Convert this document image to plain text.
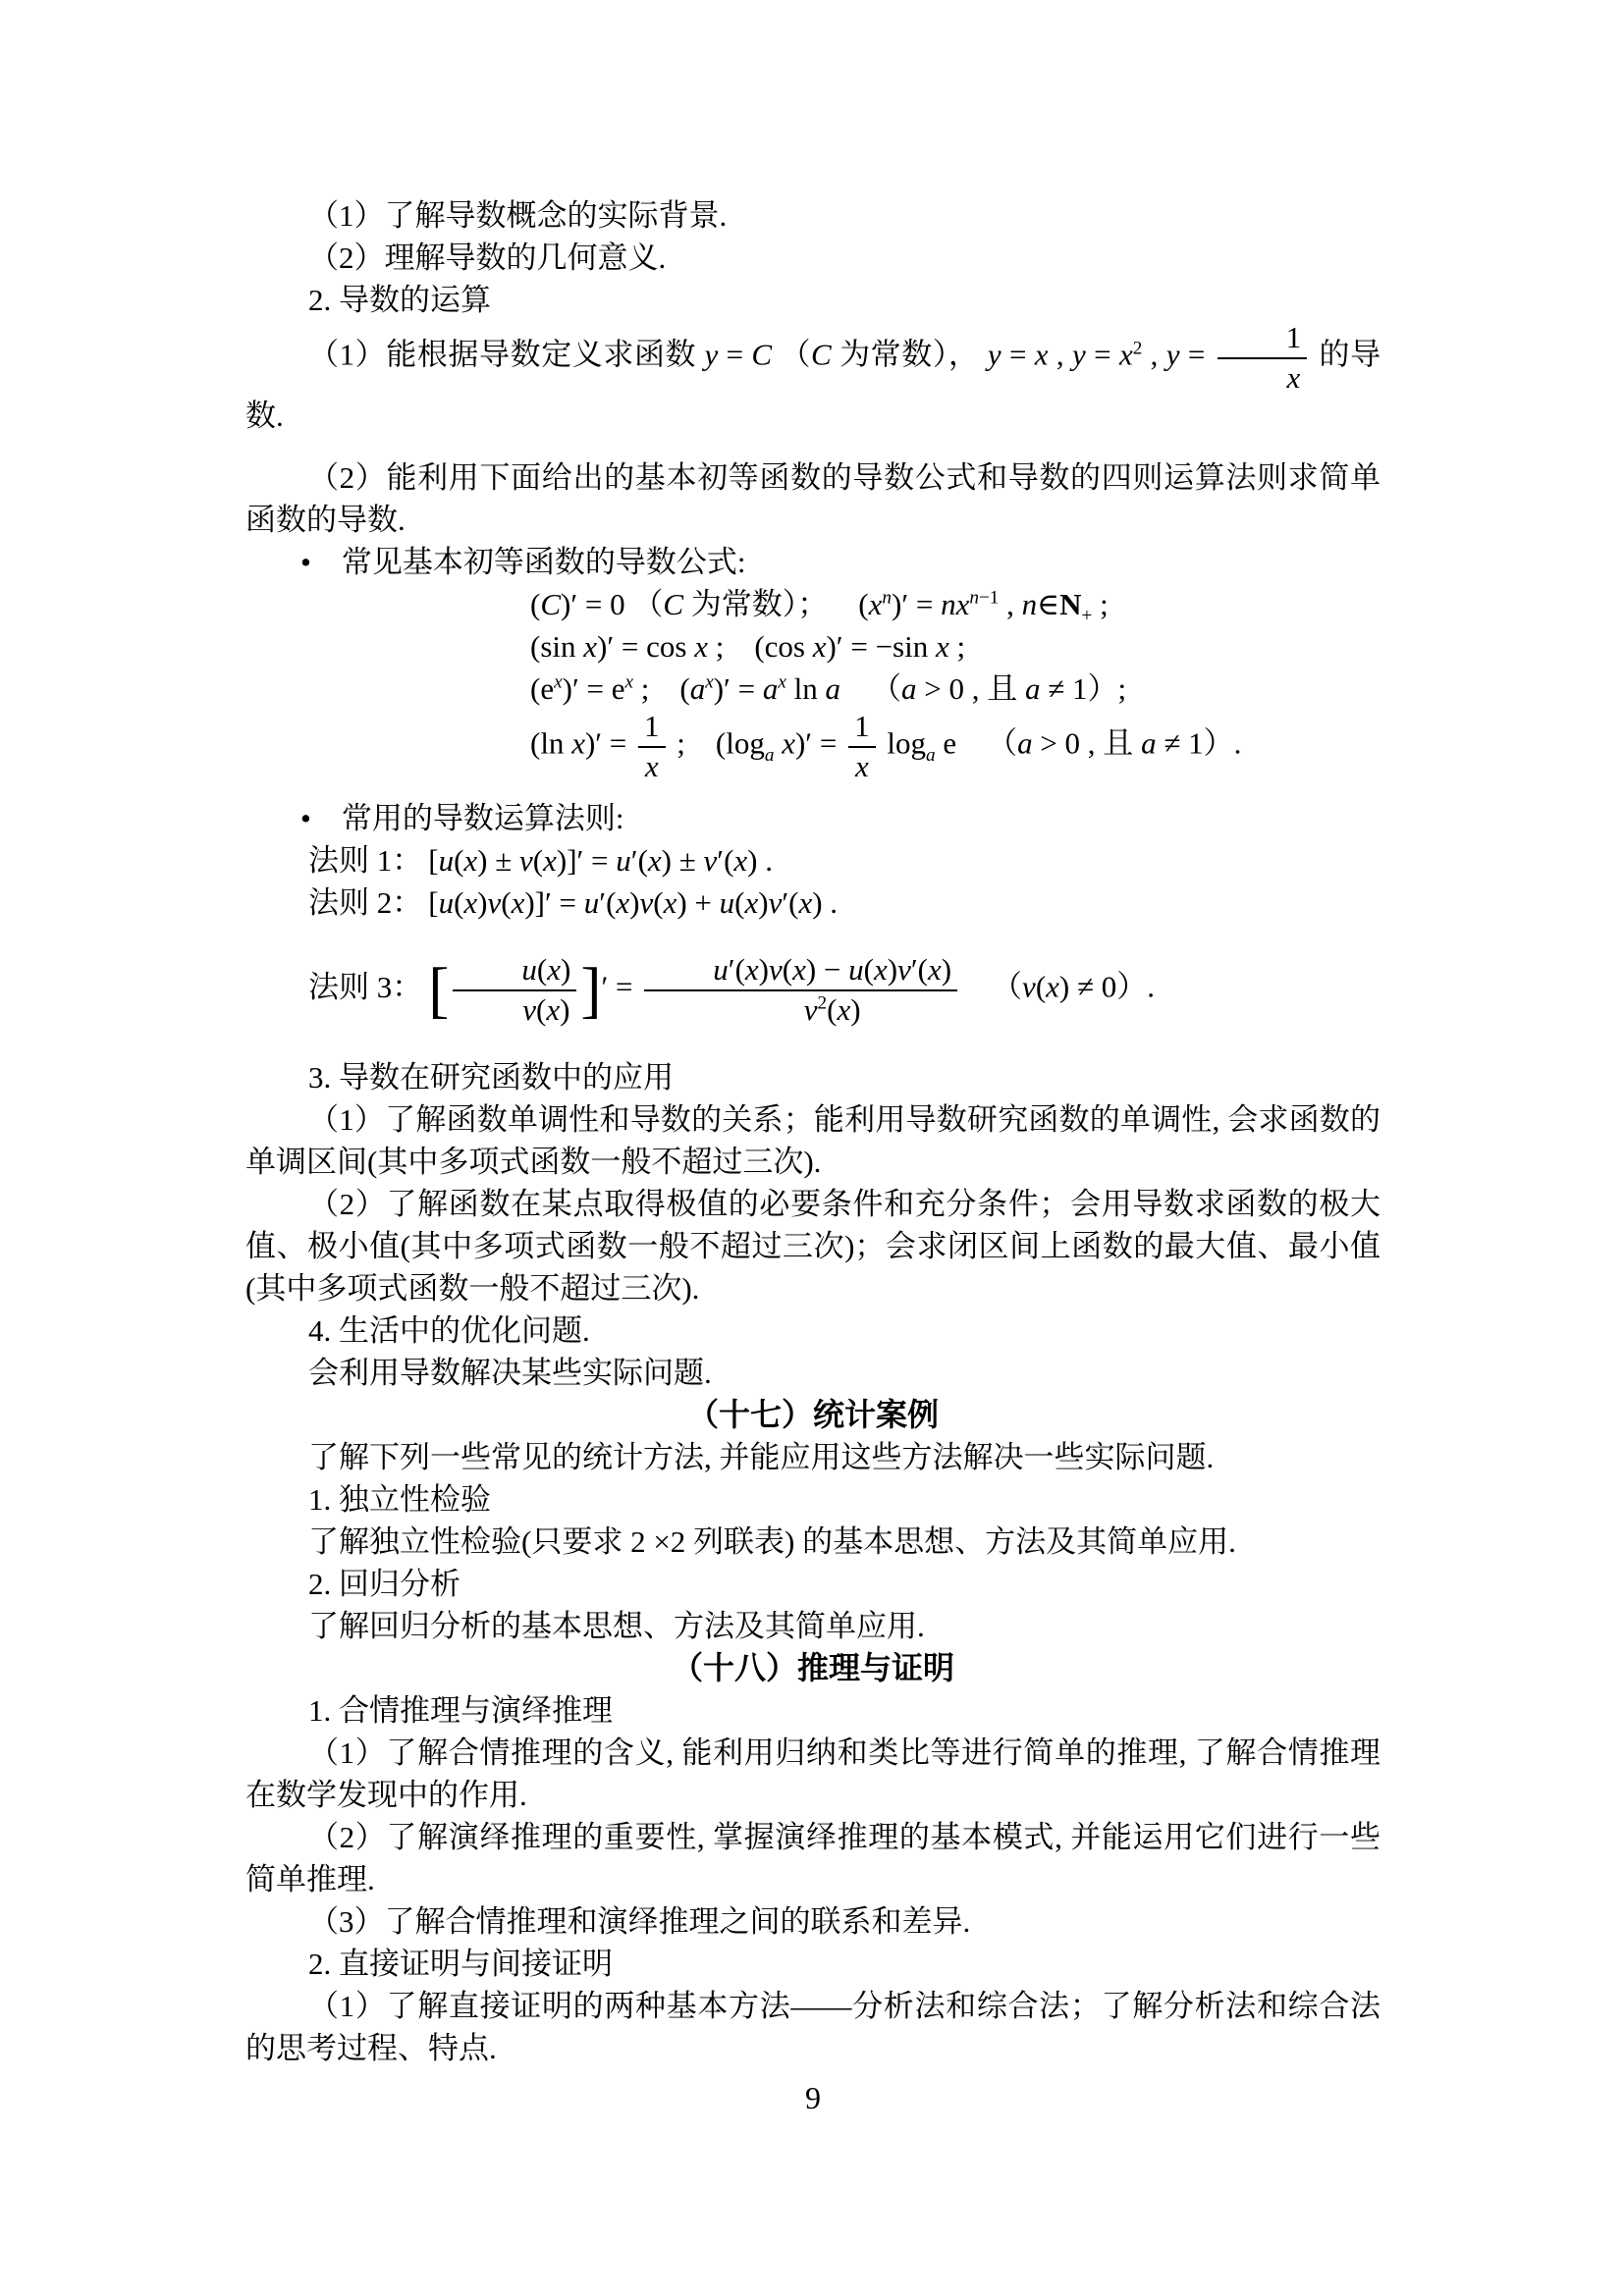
（1）了解导数概念的实际背景.
（2）理解导数的几何意义.
2. 导数的运算
（1）能根据导数定义求函数 y = C （C 为常数）， y = x , $y = x^2$ , $y = \frac{1}{x}$ 的导数.
（2）能利用下面给出的基本初等函数的导数公式和导数的四则运算法则求简单函数的导数.
• 常见基本初等函数的导数公式:
(C)′ = 0 （C 为常数）； $(x^n)' = nx^{n-1}$ , $n\in N_+$ ;
(sin x)′ = cos x ; (cos x)′ = −sin x ;
$(e^x)' = e^x$ ; $(a^x)' = a^x$ ln a （a > 0 , 且 a ≠ 1）;
(ln $x)' = \frac{1}{x}$ ; ($\log_a$ $x)' = \frac{1}{x} \log_a e$ （a > 0 , 且 a ≠ 1）.
• 常用的导数运算法则:
法则 1： [u(x) ± v(x)]′ = u′(x) ± v′(x) .
法则 2： [u(x)v(x)]′ = u′(x)v(x) + u(x)v′(x) .
法则 3：[ $\frac{u(x)}{v(x)}$ ]′ = $\frac{u'(x)v(x) - u(x)v'(x)}{v^2(x)}$  （v(x) ≠ 0）.
3. 导数在研究函数中的应用
（1）了解函数单调性和导数的关系；能利用导数研究函数的单调性, 会求函数的单调区间(其中多项式函数一般不超过三次).
（2）了解函数在某点取得极值的必要条件和充分条件；会用导数求函数的极大值、极小值(其中多项式函数一般不超过三次)；会求闭区间上函数的最大值、最小值(其中多项式函数一般不超过三次).
4. 生活中的优化问题.
会利用导数解决某些实际问题.
（十七）统计案例
了解下列一些常见的统计方法, 并能应用这些方法解决一些实际问题.
1. 独立性检验
了解独立性检验(只要求 2 ×2 列联表) 的基本思想、方法及其简单应用.
2. 回归分析
了解回归分析的基本思想、方法及其简单应用.
（十八）推理与证明
1. 合情推理与演绎推理
（1）了解合情推理的含义, 能利用归纳和类比等进行简单的推理, 了解合情推理在数学发现中的作用.
（2）了解演绎推理的重要性, 掌握演绎推理的基本模式, 并能运用它们进行一些简单推理.
（3）了解合情推理和演绎推理之间的联系和差异.
2. 直接证明与间接证明
（1）了解直接证明的两种基本方法——分析法和综合法；了解分析法和综合法的思考过程、特点.
9
